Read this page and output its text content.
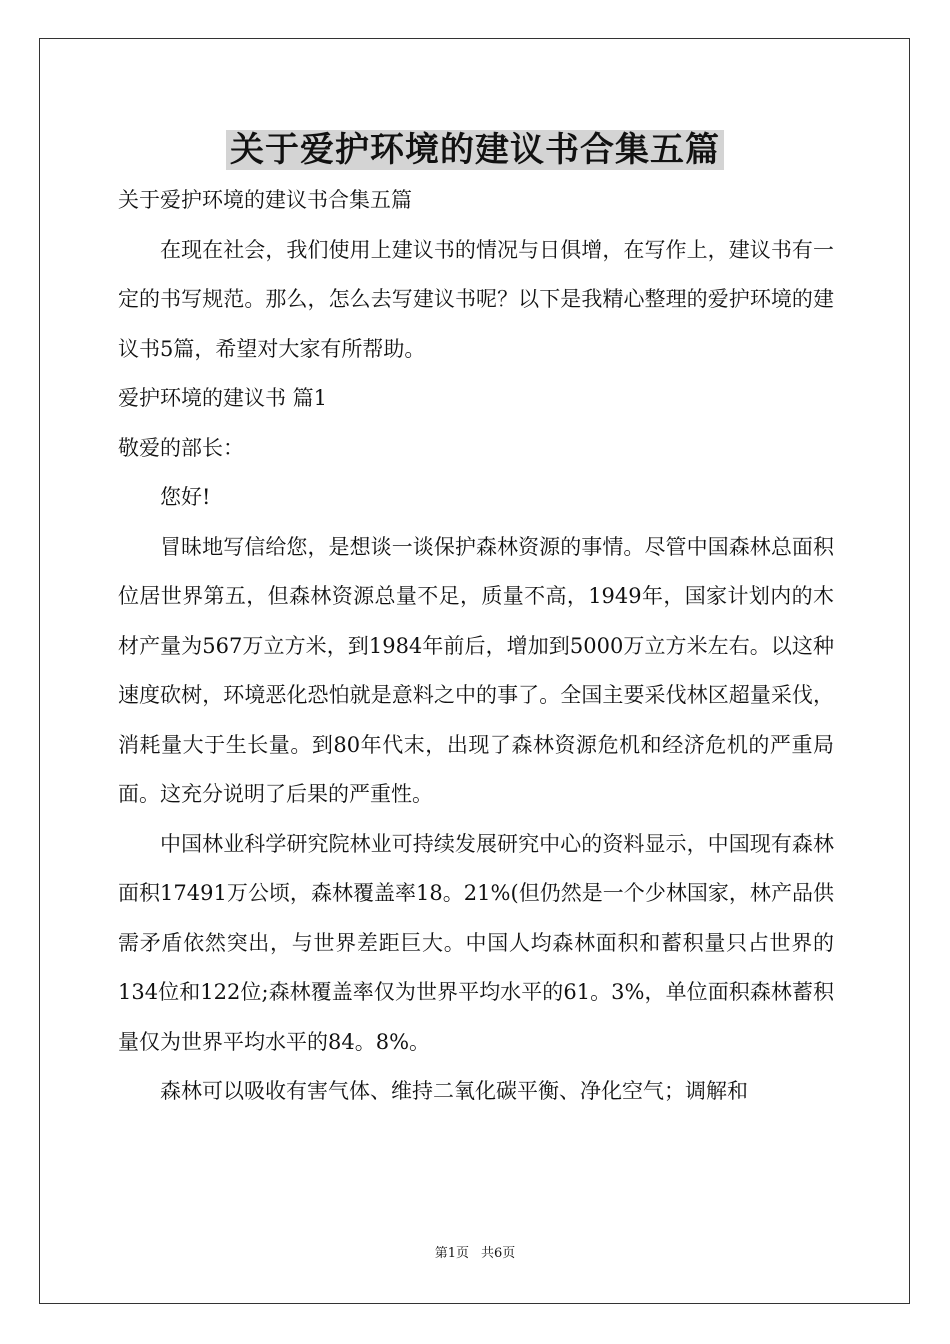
关于爱护环境的建议书合集五篇

关于爱护环境的建议书合集五篇

在现在社会，我们使用上建议书的情况与日俱增，在写作上，建议书有一定的书写规范。那么，怎么去写建议书呢？以下是我精心整理的爱护环境的建议书5篇，希望对大家有所帮助。

爱护环境的建议书 篇1

敬爱的部长：

您好!

冒昧地写信给您，是想谈一谈保护森林资源的事情。尽管中国森林总面积位居世界第五，但森林资源总量不足，质量不高，1949年，国家计划内的木材产量为567万立方米，到1984年前后，增加到5000万立方米左右。以这种速度砍树，环境恶化恐怕就是意料之中的事了。全国主要采伐林区超量采伐，消耗量大于生长量。到80年代末，出现了森林资源危机和经济危机的严重局面。这充分说明了后果的严重性。

中国林业科学研究院林业可持续发展研究中心的资料显示，中国现有森林面积17491万公顷，森林覆盖率18。21%(但仍然是一个少林国家，林产品供需矛盾依然突出，与世界差距巨大。中国人均森林面积和蓄积量只占世界的134位和122位;森林覆盖率仅为世界平均水平的61。3%，单位面积森林蓄积量仅为世界平均水平的84。8%。

森林可以吸收有害气体、维持二氧化碳平衡、净化空气；调解和

第1页 共6页
